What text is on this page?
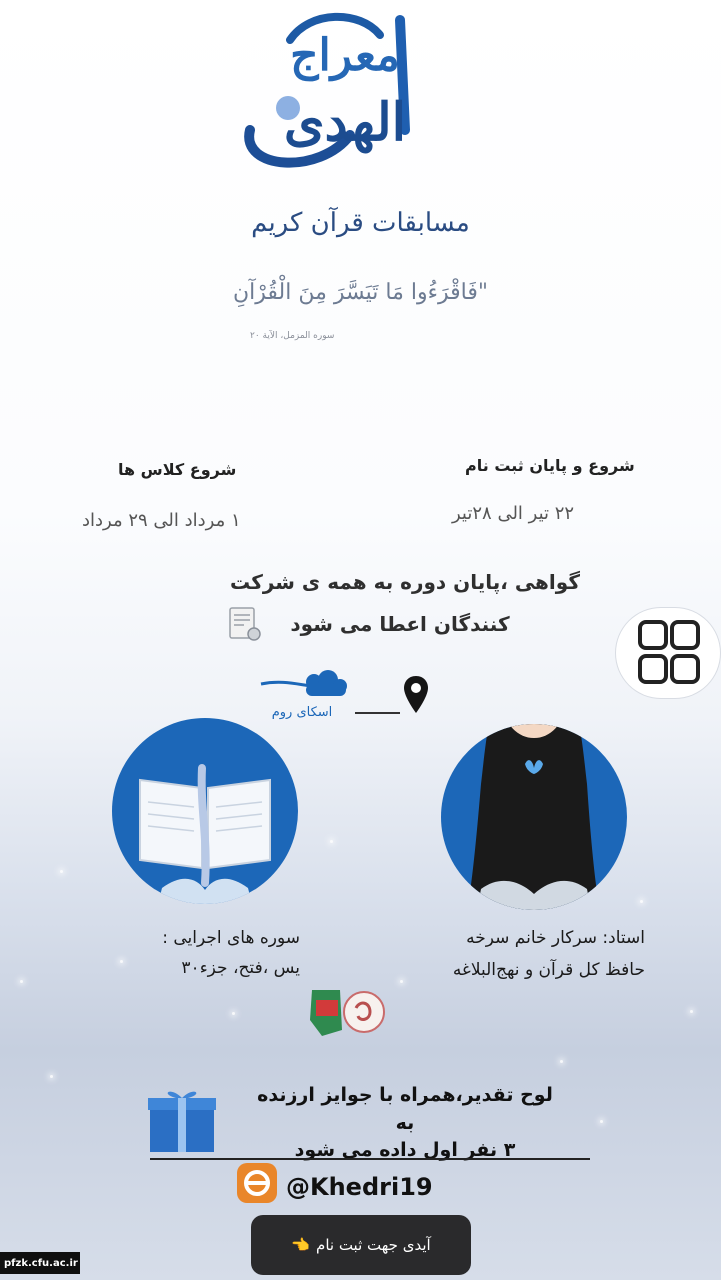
معراج
الهدی
مسابقات قرآن کریم
"فَاقْرَءُوا مَا تَيَسَّرَ مِنَ الْقُرْآنِ
سوره المزمل، الآیة ۲۰
شروع و پایان ثبت نام
۲۲ تیر الی ۲۸تیر
شروع کلاس ها
۱ مرداد الی ۲۹ مرداد
گواهی ،پایان دوره به همه ی شرکت
کنندگان اعطا می شود
اسکای روم
استاد: سرکار خانم سرخه
حافظ کل قرآن و نهج‌البلاغه
سوره های اجرایی :
یس ،فتح، جزء۳۰
لوح تقدیر،همراه با جوایز ارزنده به
۳ نفر اول داده می شود
@Khedri19
آیدی جهت ثبت نام
👈
pfzk.cfu.ac.ir
